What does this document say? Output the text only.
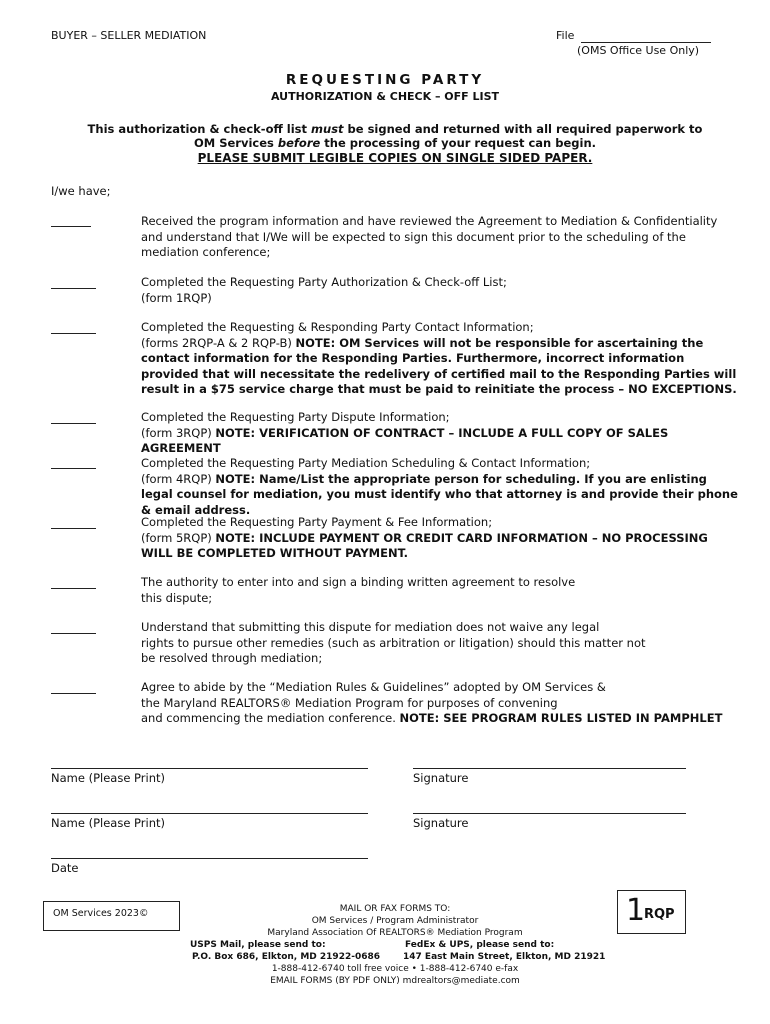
BUYER – SELLER MEDIATION	File
(OMS Office Use Only)
REQUESTING PARTY
AUTHORIZATION & CHECK – OFF LIST
This authorization & check-off list must be signed and returned with all required paperwork to
OM Services before the processing of your request can begin.
PLEASE SUBMIT LEGIBLE COPIES ON SINGLE SIDED PAPER.
I/we have;
Received the program information and have reviewed the Agreement to Mediation & Confidentiality and understand that I/We will be expected to sign this document prior to the scheduling of the mediation conference;
Completed the Requesting Party Authorization & Check-off List;
(form 1RQP)
Completed the Requesting & Responding Party Contact Information;
(forms 2RQP-A & 2 RQP-B) NOTE: OM Services will not be responsible for ascertaining the contact information for the Responding Parties. Furthermore, incorrect information provided that will necessitate the redelivery of certified mail to the Responding Parties will result in a $75 service charge that must be paid to reinitiate the process – NO EXCEPTIONS.
Completed the Requesting Party Dispute Information;
(form 3RQP) NOTE: VERIFICATION OF CONTRACT – INCLUDE A FULL COPY OF SALES AGREEMENT
Completed the Requesting Party Mediation Scheduling & Contact Information;
(form 4RQP) NOTE: Name/List the appropriate person for scheduling. If you are enlisting legal counsel for mediation, you must identify who that attorney is and provide their phone & email address.
Completed the Requesting Party Payment & Fee Information;
(form 5RQP) NOTE: INCLUDE PAYMENT OR CREDIT CARD INFORMATION – NO PROCESSING WILL BE COMPLETED WITHOUT PAYMENT.
The authority to enter into and sign a binding written agreement to resolve
this dispute;
Understand that submitting this dispute for mediation does not waive any legal
rights to pursue other remedies (such as arbitration or litigation) should this matter not
be resolved through mediation;
Agree to abide by the “Mediation Rules & Guidelines” adopted by OM Services &
the Maryland REALTORS® Mediation Program for purposes of convening
and commencing the mediation conference. NOTE: SEE PROGRAM RULES LISTED IN PAMPHLET
Name (Please Print)	Signature
Name (Please Print)	Signature
Date
OM Services 2023©	MAIL OR FAX FORMS TO:
OM Services / Program Administrator
Maryland Association Of REALTORS® Mediation Program
USPS Mail, please send to:	FedEx & UPS, please send to:
P.O. Box 686, Elkton, MD 21922-0686	147 East Main Street, Elkton, MD 21921
1-888-412-6740 toll free voice • 1-888-412-6740 e-fax
EMAIL FORMS (BY PDF ONLY) mdrealtors@mediate.com
1
RQP
